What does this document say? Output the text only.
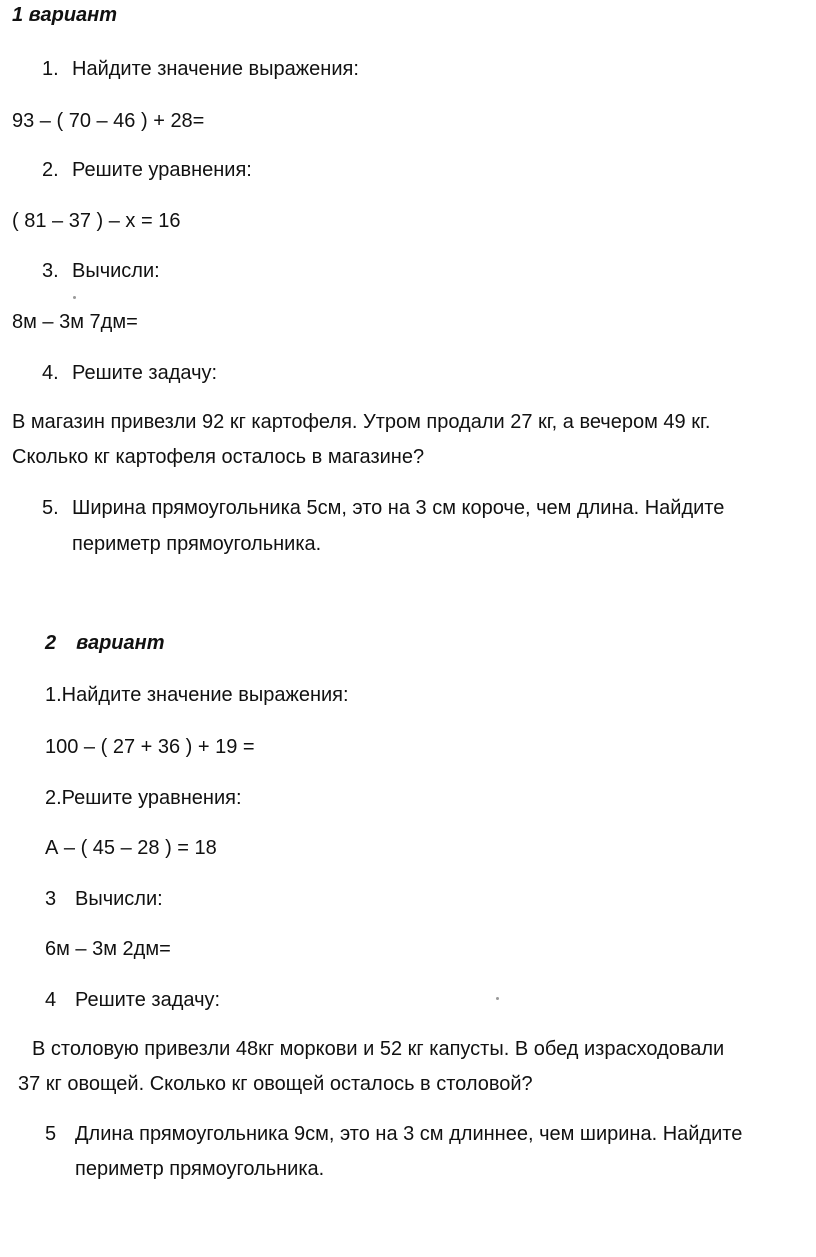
1 вариант
1. Найдите значение выражения:
93 – ( 70 – 46 ) + 28=
2. Решите уравнения:
( 81 – 37 ) – х = 16
3. Вычисли:
8м – 3м 7дм=
4. Решите задачу:
В магазин привезли 92 кг картофеля. Утром продали 27 кг, а вечером 49 кг.
Сколько кг картофеля осталось в магазине?
5. Ширина прямоугольника 5см, это на 3 см короче, чем длина. Найдите
периметр прямоугольника.
2 вариант
1.Найдите значение выражения:
100 – ( 27 + 36 ) + 19 =
2.Решите уравнения:
А – ( 45 – 28 ) = 18
3 Вычисли:
6м – 3м 2дм=
4 Решите задачу:
В столовую привезли 48кг моркови и 52 кг капусты. В обед израсходовали
37 кг овощей. Сколько кг овощей осталось в столовой?
5 Длина прямоугольника 9см, это на 3 см длиннее, чем ширина. Найдите
периметр прямоугольника.
